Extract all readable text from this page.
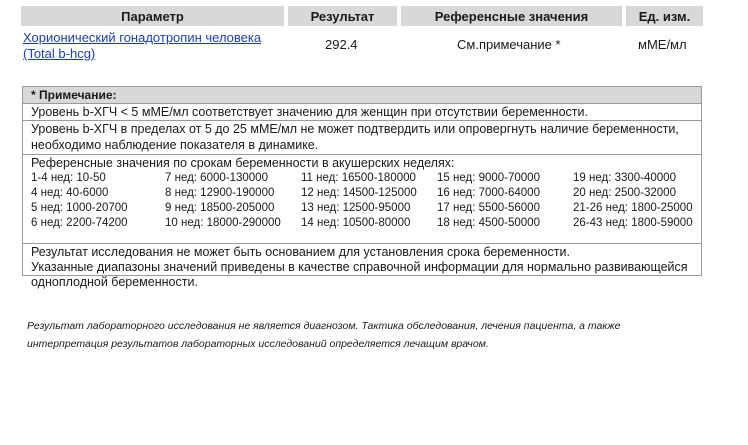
Параметр	Результат	Референсные значения	Ед. изм.
Хорионический гонадотропин человека
(Total b-hcg)
292.4	См.примечание *	мМЕ/мл
* Примечание:
Уровень b-ХГЧ < 5 мМЕ/мл соответствует значению для женщин при отсутствии беременности.
Уровень b-ХГЧ в пределах от 5 до 25 мМЕ/мл не может подтвердить или опровергнуть наличие беременности,
необходимо наблюдение показателя в динамике.
Референсные значения по срокам беременности в акушерских неделях:
1-4 нед: 10-50	7 нед: 6000-130000	11 нед: 16500-180000 15 нед: 9000-70000	19 нед: 3300-40000
4 нед: 40-6000	8 нед: 12900-190000 12 нед: 14500-125000 16 нед: 7000-64000	20 нед: 2500-32000
5 нед: 1000-20700	9 нед: 18500-205000 13 нед: 12500-95000 17 нед: 5500-56000	21-26 нед: 1800-25000
6 нед: 2200-74200	10 нед: 18000-290000 14 нед: 10500-80000 18 нед: 4500-50000	26-43 нед: 1800-59000
Результат исследования не может быть основанием для установления срока беременности.
Указанные диапазоны значений приведены в качестве справочной информации для нормально развивающейся
одноплодной беременности.
Результат лабораторного исследования не является диагнозом. Тактика обследования, лечения пациента, а также
интерпретация результатов лабораторных исследований определяется лечащим врачом.
